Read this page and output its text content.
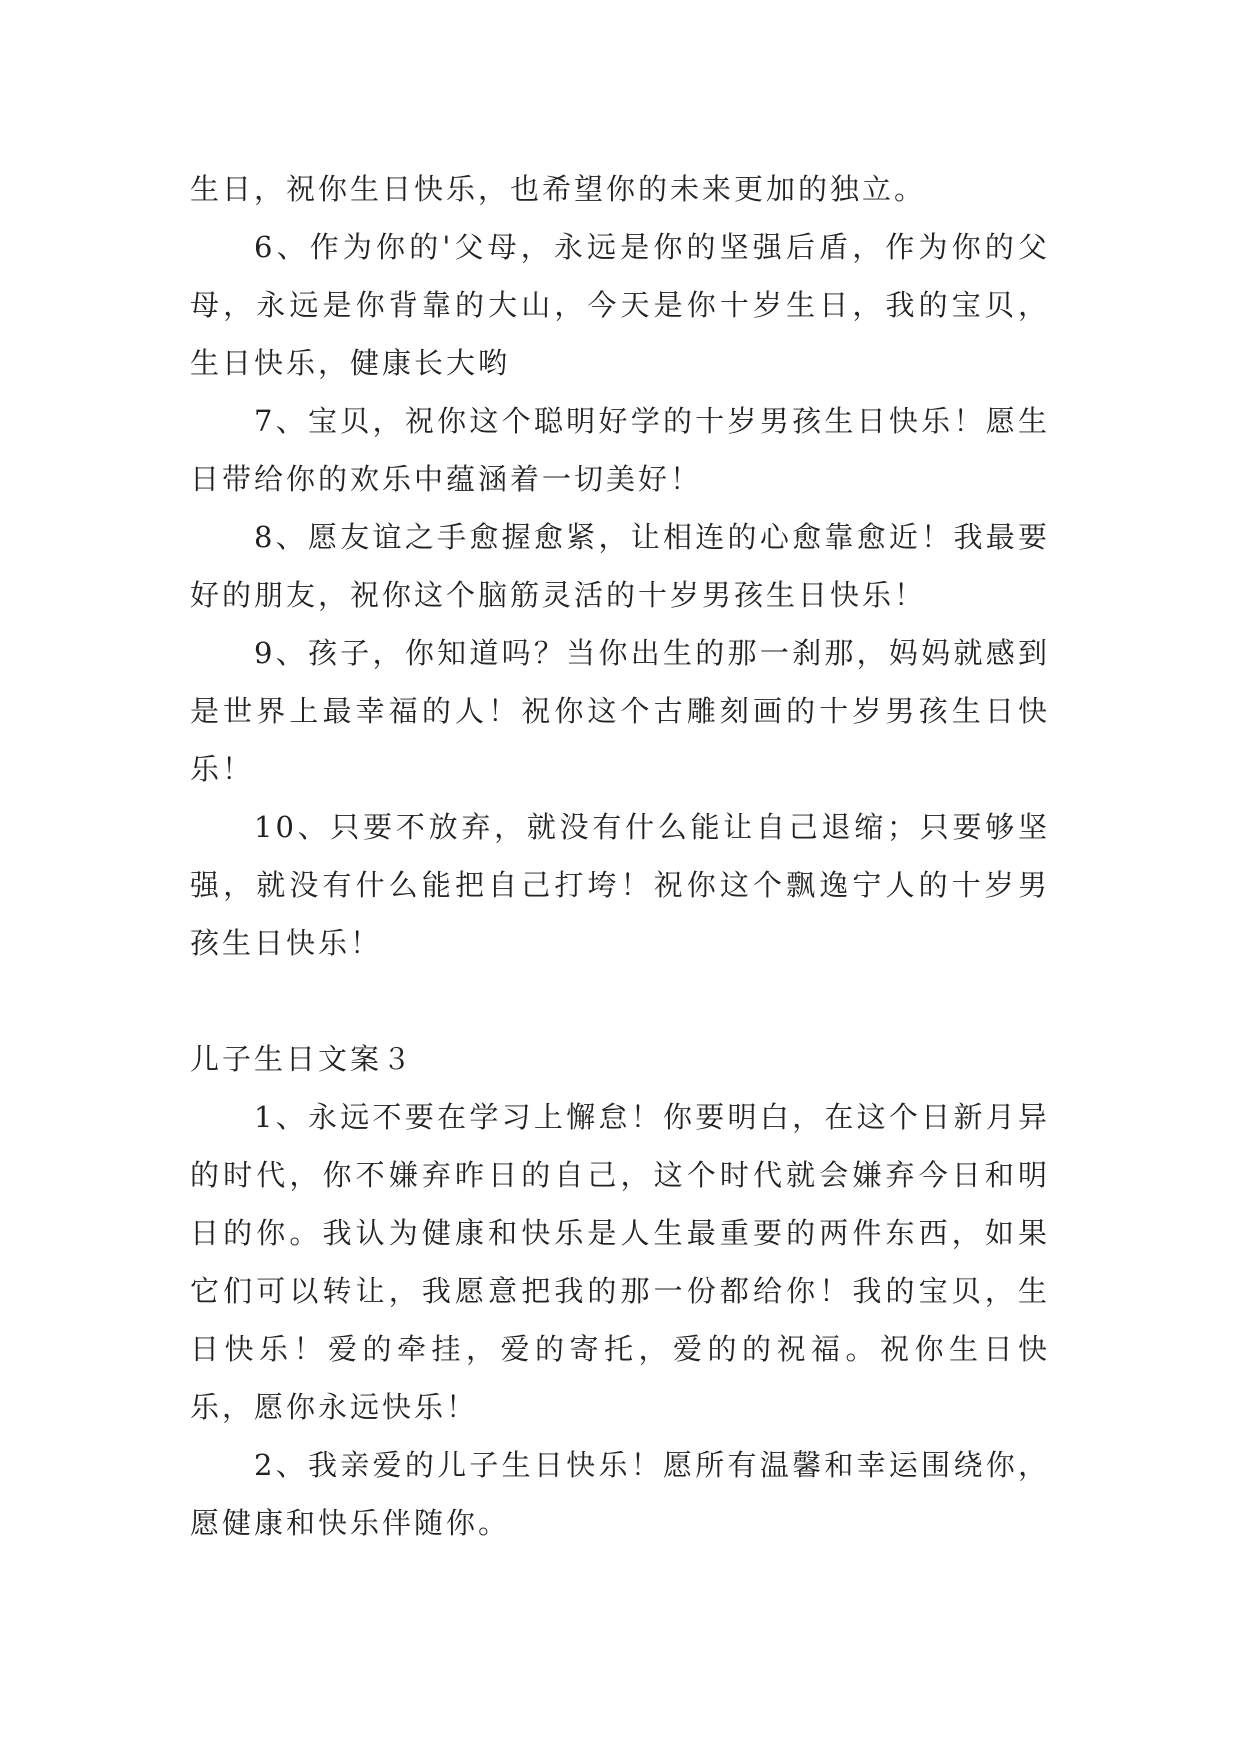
生日，祝你生日快乐，也希望你的未来更加的独立。

6、作为你的'父母，永远是你的坚强后盾，作为你的父母，永远是你背靠的大山，今天是你十岁生日，我的宝贝，生日快乐，健康长大哟

7、宝贝，祝你这个聪明好学的十岁男孩生日快乐！愿生日带给你的欢乐中蕴涵着一切美好！

8、愿友谊之手愈握愈紧，让相连的心愈靠愈近！我最要好的朋友，祝你这个脑筋灵活的十岁男孩生日快乐！

9、孩子，你知道吗？当你出生的那一刹那，妈妈就感到是世界上最幸福的人！祝你这个古雕刻画的十岁男孩生日快乐！

10、只要不放弃，就没有什么能让自己退缩；只要够坚强，就没有什么能把自己打垮！祝你这个飘逸宁人的十岁男孩生日快乐！

儿子生日文案３

1、永远不要在学习上懈怠！你要明白，在这个日新月异的时代，你不嫌弃昨日的自己，这个时代就会嫌弃今日和明日的你。我认为健康和快乐是人生最重要的两件东西，如果它们可以转让，我愿意把我的那一份都给你！我的宝贝，生日快乐！爱的牵挂，爱的寄托，爱的的祝福。祝你生日快乐，愿你永远快乐！

2、我亲爱的儿子生日快乐！愿所有温馨和幸运围绕你，愿健康和快乐伴随你。
